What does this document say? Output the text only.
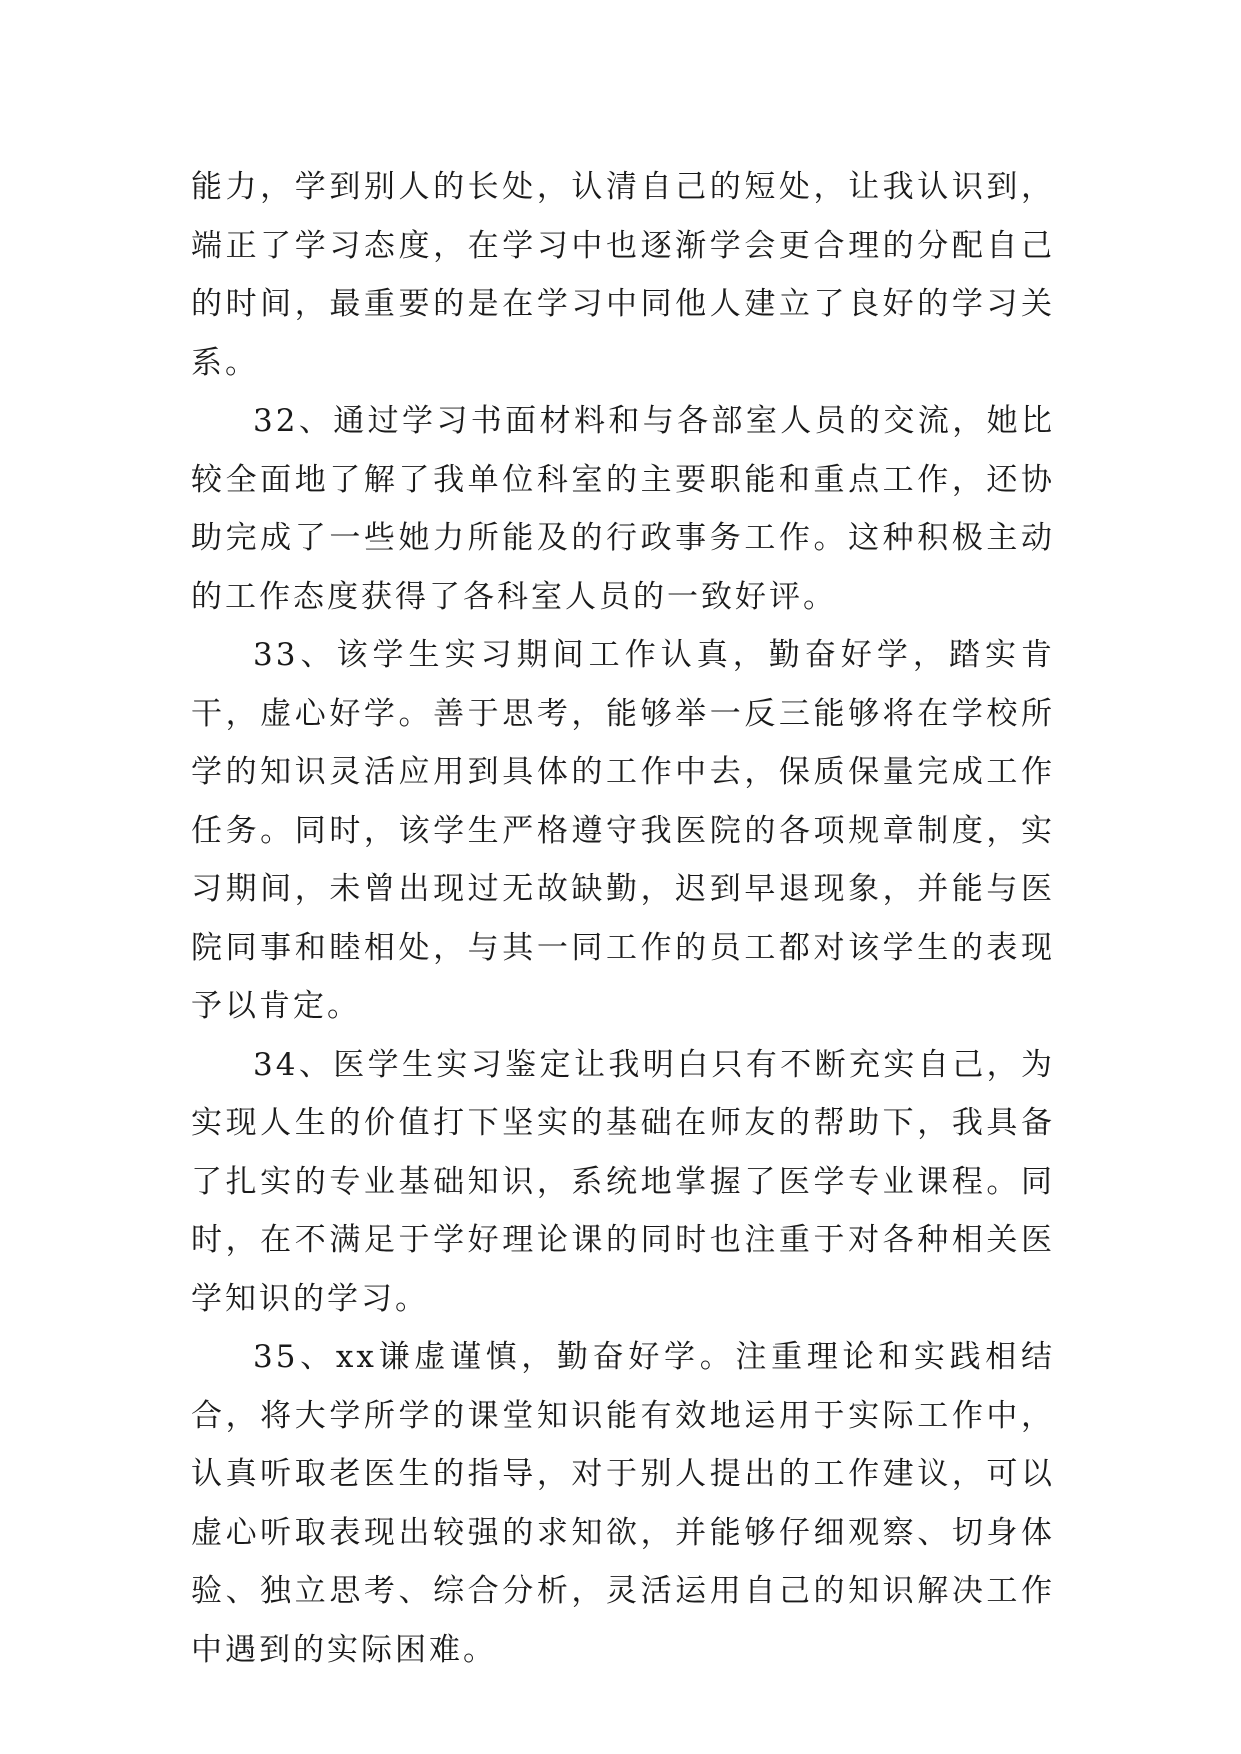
能力，学到别人的长处，认清自己的短处，让我认识到，端正了学习态度，在学习中也逐渐学会更合理的分配自己的时间，最重要的是在学习中同他人建立了良好的学习关系。

32、通过学习书面材料和与各部室人员的交流，她比较全面地了解了我单位科室的主要职能和重点工作，还协助完成了一些她力所能及的行政事务工作。这种积极主动的工作态度获得了各科室人员的一致好评。

33、该学生实习期间工作认真，勤奋好学，踏实肯干，虚心好学。善于思考，能够举一反三能够将在学校所学的知识灵活应用到具体的工作中去，保质保量完成工作任务。同时，该学生严格遵守我医院的各项规章制度，实习期间，未曾出现过无故缺勤，迟到早退现象，并能与医院同事和睦相处，与其一同工作的员工都对该学生的表现予以肯定。

34、医学生实习鉴定让我明白只有不断充实自己，为实现人生的价值打下坚实的基础在师友的帮助下，我具备了扎实的专业基础知识，系统地掌握了医学专业课程。同时，在不满足于学好理论课的同时也注重于对各种相关医学知识的学习。

35、xx谦虚谨慎，勤奋好学。注重理论和实践相结合，将大学所学的课堂知识能有效地运用于实际工作中，认真听取老医生的指导，对于别人提出的工作建议，可以虚心听取表现出较强的求知欲，并能够仔细观察、切身体验、独立思考、综合分析，灵活运用自己的知识解决工作中遇到的实际困难。
